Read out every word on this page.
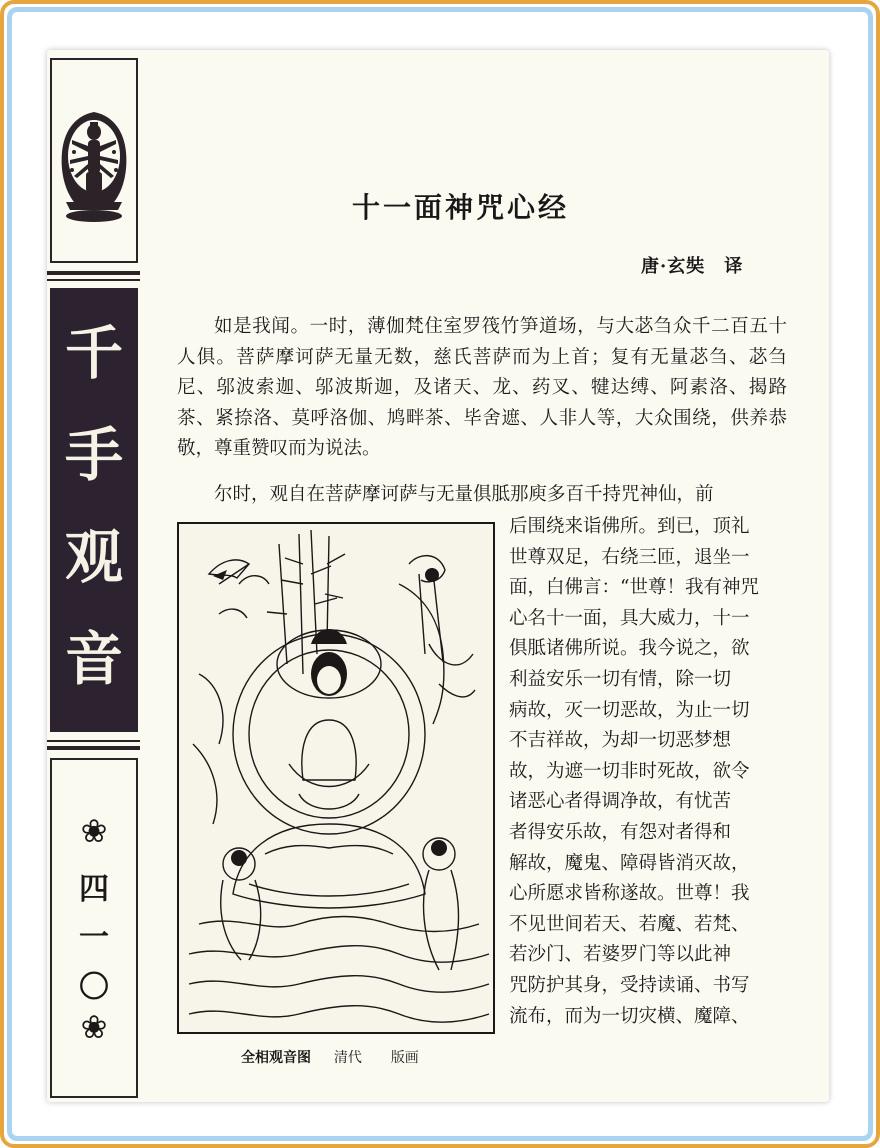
千
手
观
音
❀
四
一
〇
❀
十一面神咒心经
唐·玄奘　译
如是我闻。一时，薄伽梵住室罗筏竹笋道场，与大苾刍众千二百五十人俱。菩萨摩诃萨无量无数，慈氏菩萨而为上首；复有无量苾刍、苾刍尼、邬波索迦、邬波斯迦，及诸天、龙、药叉、犍达缚、阿素洛、揭路茶、紧捺洛、莫呼洛伽、鸠畔茶、毕舍遮、人非人等，大众围绕，供养恭敬，尊重赞叹而为说法。
尔时，观自在菩萨摩诃萨与无量俱胝那庾多百千持咒神仙，前
全相观音图 清代 版画
后围绕来诣佛所。到已，顶礼
世尊双足，右绕三匝，退坐一
面，白佛言：“世尊！我有神咒
心名十一面，具大威力，十一
俱胝诸佛所说。我今说之，欲
利益安乐一切有情，除一切
病故，灭一切恶故，为止一切
不吉祥故，为却一切恶梦想
故，为遮一切非时死故，欲令
诸恶心者得调净故，有忧苦
者得安乐故，有怨对者得和
解故，魔鬼、障碍皆消灭故，
心所愿求皆称遂故。世尊！我
不见世间若天、若魔、若梵、
若沙门、若婆罗门等以此神
咒防护其身，受持读诵、书写
流布，而为一切灾横、魔障、
